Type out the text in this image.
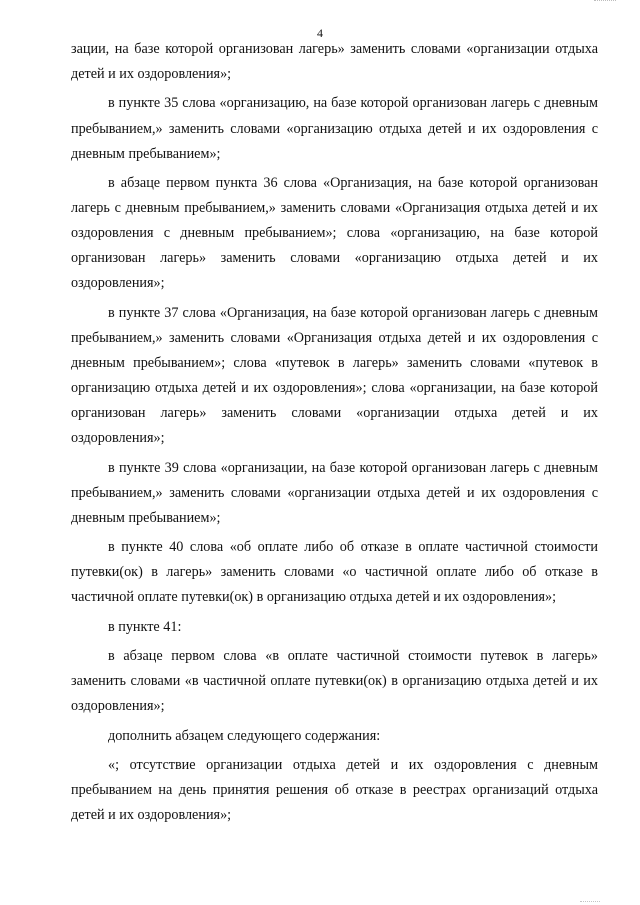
4

зации, на базе которой организован лагерь» заменить словами «организации отдыха детей и их оздоровления»;

в пункте 35 слова «организацию, на базе которой организован лагерь с дневным пребыванием,» заменить словами «организацию отдыха детей и их оздоровления с дневным пребыванием»;

в абзаце первом пункта 36 слова «Организация, на базе которой организован лагерь с дневным пребыванием,» заменить словами «Организация отдыха детей и их оздоровления с дневным пребыванием»; слова «организацию, на базе которой организован лагерь» заменить словами «организацию отдыха детей и их оздоровления»;

в пункте 37 слова «Организация, на базе которой организован лагерь с дневным пребыванием,» заменить словами «Организация отдыха детей и их оздоровления с дневным пребыванием»; слова «путевок в лагерь» заменить словами «путевок в организацию отдыха детей и их оздоровления»; слова «организации, на базе которой организован лагерь» заменить словами «организации отдыха детей и их оздоровления»;

в пункте 39 слова «организации, на базе которой организован лагерь с дневным пребыванием,» заменить словами «организации отдыха детей и их оздоровления с дневным пребыванием»;

в пункте 40 слова «об оплате либо об отказе в оплате частичной стоимости путевки(ок) в лагерь» заменить словами «о частичной оплате либо об отказе в частичной оплате путевки(ок) в организацию отдыха детей и их оздоровления»;

в пункте 41:

в абзаце первом слова «в оплате частичной стоимости путевок в лагерь» заменить словами «в частичной оплате путевки(ок) в организацию отдыха детей и их оздоровления»;

дополнить абзацем следующего содержания:

«; отсутствие организации отдыха детей и их оздоровления с дневным пребыванием на день принятия решения об отказе в реестрах организаций отдыха детей и их оздоровления»;
